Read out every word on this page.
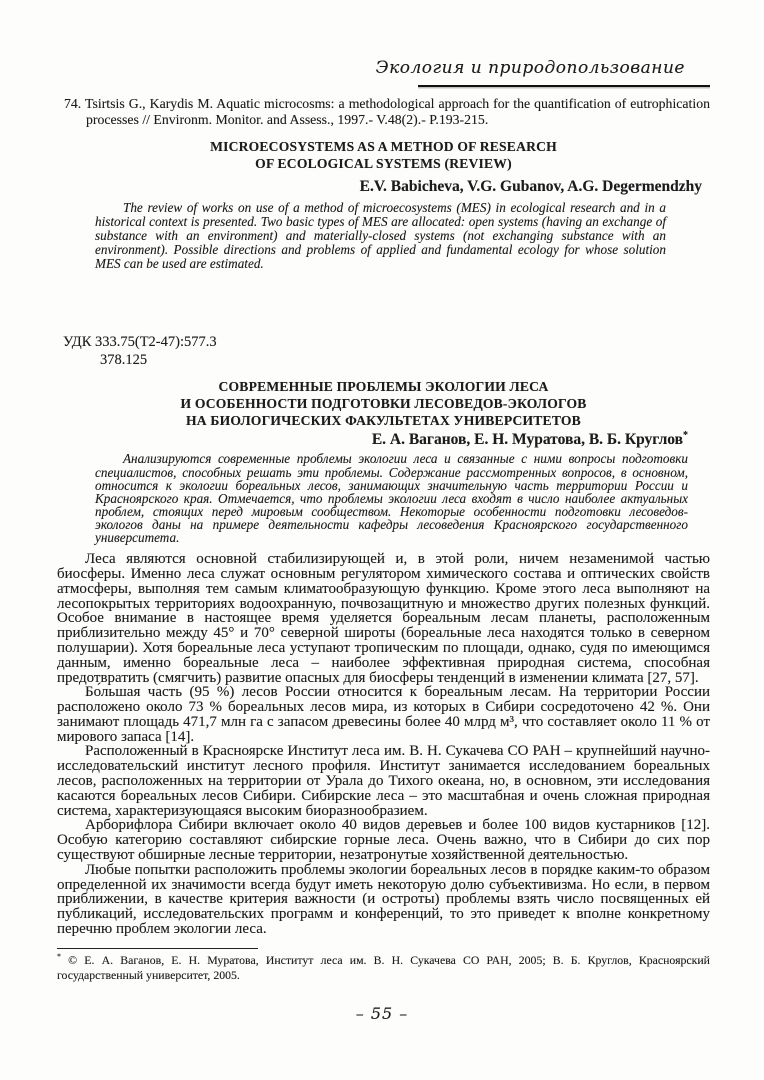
Экология и природопользование

74. Tsirtsis G., Karydis M. Aquatic microcosms: a methodological approach for the quantification of eutrophication processes // Environm. Monitor. and Assess., 1997.- V.48(2).- P.193-215.

MICROECOSYSTEMS AS A METHOD OF RESEARCH
OF ECOLOGICAL SYSTEMS (REVIEW)
E.V. Babicheva, V.G. Gubanov, A.G. Degermendzhy

The review of works on use of a method of microecosystems (MES) in ecological research and in a historical context is presented. Two basic types of MES are allocated: open systems (having an exchange of substance with an environment) and materially-closed systems (not exchanging substance with an environment). Possible directions and problems of applied and fundamental ecology for whose solution MES can be used are estimated.

УДК 333.75(Т2-47):577.3
378.125
СОВРЕМЕННЫЕ ПРОБЛЕМЫ ЭКОЛОГИИ ЛЕСА
И ОСОБЕННОСТИ ПОДГОТОВКИ ЛЕСОВЕДОВ-ЭКОЛОГОВ
НА БИОЛОГИЧЕСКИХ ФАКУЛЬТЕТАХ УНИВЕРСИТЕТОВ
Е. А. Ваганов, Е. Н. Муратова, В. Б. Круглов*

Анализируются современные проблемы экологии леса и связанные с ними вопросы подготовки специалистов, способных решать эти проблемы. Содержание рассмотренных вопросов, в основном, относится к экологии бореальных лесов, занимающих значительную часть территории России и Красноярского края. Отмечается, что проблемы экологии леса входят в число наиболее актуальных проблем, стоящих перед мировым сообществом. Некоторые особенности подготовки лесоведов-экологов даны на примере деятельности кафедры лесоведения Красноярского государственного университета.

Леса являются основной стабилизирующей и, в этой роли, ничем незаменимой частью биосферы. Именно леса служат основным регулятором химического состава и оптических свойств атмосферы, выполняя тем самым климатообразующую функцию. Кроме этого леса выполняют на лесопокрытых территориях водоохранную, почвозащитную и множество других полезных функций. Особое внимание в настоящее время уделяется бореальным лесам планеты, расположенным приблизительно между 45° и 70° северной широты (бореальные леса находятся только в северном полушарии). Хотя бореальные леса уступают тропическим по площади, однако, судя по имеющимся данным, именно бореальные леса – наиболее эффективная природная система, способная предотвратить (смягчить) развитие опасных для биосферы тенденций в изменении климата [27, 57].

Бо́льшая часть (95 %) лесов России относится к бореальным лесам. На территории России расположено около 73 % бореальных лесов мира, из которых в Сибири сосредоточено 42 %. Они занимают площадь 471,7 млн га с запасом древесины более 40 млрд м³, что составляет около 11 % от мирового запаса [14].

Расположенный в Красноярске Институт леса им. В. Н. Сукачева СО РАН – крупнейший научно-исследовательский институт лесного профиля. Институт занимается исследованием бореальных лесов, расположенных на территории от Урала до Тихого океана, но, в основном, эти исследования касаются бореальных лесов Сибири. Сибирские леса – это масштабная и очень сложная природная система, характеризующаяся высоким биоразнообразием.

Арборифлора Сибири включает около 40 видов деревьев и более 100 видов кустарников [12]. Особую категорию составляют сибирские горные леса. Очень важно, что в Сибири до сих пор существуют обширные лесные территории, незатронутые хозяйственной деятельностью.

Любые попытки расположить проблемы экологии бореальных лесов в порядке каким-то образом определенной их значимости всегда будут иметь некоторую долю субъективизма. Но если, в первом приближении, в качестве критерия важности (и остроты) проблемы взять число посвященных ей публикаций, исследовательских программ и конференций, то это приведет к вполне конкретному перечню проблем экологии леса.

* © Е. А. Ваганов, Е. Н. Муратова, Институт леса им. В. Н. Сукачева СО РАН, 2005; В. Б. Круглов, Красноярский государственный университет, 2005.

– 55 –
